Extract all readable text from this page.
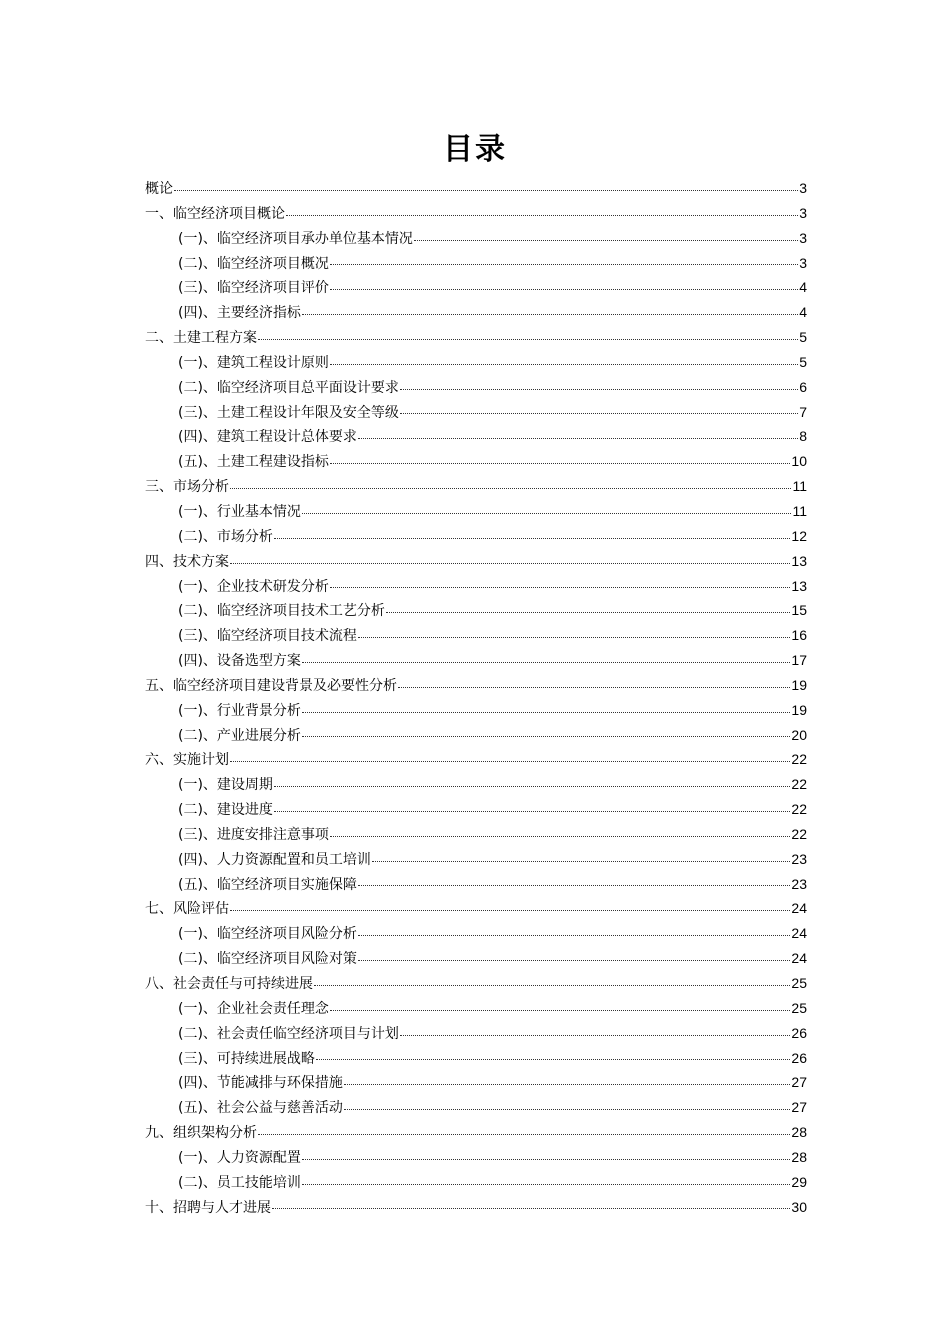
目录
概论	3
一、临空经济项目概论	3
(一)、临空经济项目承办单位基本情况	3
(二)、临空经济项目概况	3
(三)、临空经济项目评价	4
(四)、主要经济指标	4
二、土建工程方案	5
(一)、建筑工程设计原则	5
(二)、临空经济项目总平面设计要求	6
(三)、土建工程设计年限及安全等级	7
(四)、建筑工程设计总体要求	8
(五)、土建工程建设指标	10
三、市场分析	11
(一)、行业基本情况	11
(二)、市场分析	12
四、技术方案	13
(一)、企业技术研发分析	13
(二)、临空经济项目技术工艺分析	15
(三)、临空经济项目技术流程	16
(四)、设备选型方案	17
五、临空经济项目建设背景及必要性分析	19
(一)、行业背景分析	19
(二)、产业进展分析	20
六、实施计划	22
(一)、建设周期	22
(二)、建设进度	22
(三)、进度安排注意事项	22
(四)、人力资源配置和员工培训	23
(五)、临空经济项目实施保障	23
七、风险评估	24
(一)、临空经济项目风险分析	24
(二)、临空经济项目风险对策	24
八、社会责任与可持续进展	25
(一)、企业社会责任理念	25
(二)、社会责任临空经济项目与计划	26
(三)、可持续进展战略	26
(四)、节能减排与环保措施	27
(五)、社会公益与慈善活动	27
九、组织架构分析	28
(一)、人力资源配置	28
(二)、员工技能培训	29
十、招聘与人才进展	30
